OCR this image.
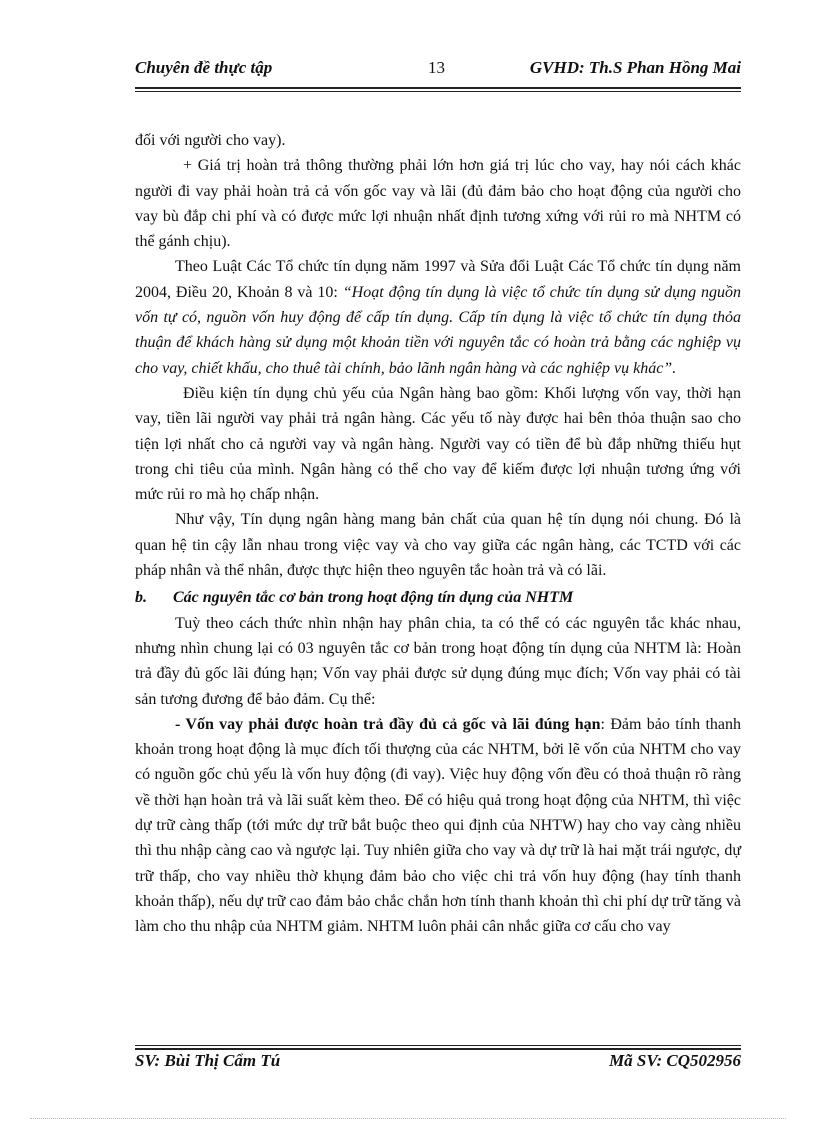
Chuyên đề thực tập	13	GVHD: Th.S Phan Hồng Mai

đối với người cho vay).

+ Giá trị hoàn trả thông thường phải lớn hơn giá trị lúc cho vay, hay nói cách khác người đi vay phải hoàn trả cả vốn gốc vay và lãi (đủ đảm bảo cho hoạt động của người cho vay bù đắp chi phí và có được mức lợi nhuận nhất định tương xứng với rủi ro mà NHTM có thể gánh chịu).

Theo Luật Các Tổ chức tín dụng năm 1997 và Sửa đổi Luật Các Tổ chức tín dụng năm 2004, Điều 20, Khoản 8 và 10: “Hoạt động tín dụng là việc tổ chức tín dụng sử dụng nguồn vốn tự có, nguồn vốn huy động để cấp tín dụng. Cấp tín dụng là việc tổ chức tín dụng thỏa thuận để khách hàng sử dụng một khoản tiền với nguyên tắc có hoàn trả bằng các nghiệp vụ cho vay, chiết khấu, cho thuê tài chính, bảo lãnh ngân hàng và các nghiệp vụ khác”.

Điều kiện tín dụng chủ yếu của Ngân hàng bao gồm: Khối lượng vốn vay, thời hạn vay, tiền lãi người vay phải trả ngân hàng. Các yếu tố này được hai bên thỏa thuận sao cho tiện lợi nhất cho cả người vay và ngân hàng. Người vay có tiền để bù đắp những thiếu hụt trong chi tiêu của mình. Ngân hàng có thể cho vay để kiếm được lợi nhuận tương ứng với mức rủi ro mà họ chấp nhận.

Như vậy, Tín dụng ngân hàng mang bản chất của quan hệ tín dụng nói chung. Đó là quan hệ tin cậy lẫn nhau trong việc vay và cho vay giữa các ngân hàng, các TCTD với các pháp nhân và thể nhân, được thực hiện theo nguyên tắc hoàn trả và có lãi.

b.	Các nguyên tắc cơ bản trong hoạt động tín dụng của NHTM

Tuỳ theo cách thức nhìn nhận hay phân chia, ta có thể có các nguyên tắc khác nhau, nhưng nhìn chung lại có 03 nguyên tắc cơ bản trong hoạt động tín dụng của NHTM là: Hoàn trả đầy đủ gốc lãi đúng hạn; Vốn vay phải được sử dụng đúng mục đích; Vốn vay phải có tài sản tương đương để bảo đảm. Cụ thể:

- Vốn vay phải được hoàn trả đầy đủ cả gốc và lãi đúng hạn: Đảm bảo tính thanh khoản trong hoạt động là mục đích tối thượng của các NHTM, bởi lẽ vốn của NHTM cho vay có nguồn gốc chủ yếu là vốn huy động (đi vay). Việc huy động vốn đều có thoả thuận rõ ràng về thời hạn hoàn trả và lãi suất kèm theo. Để có hiệu quả trong hoạt động của NHTM, thì việc dự trữ càng thấp (tới mức dự trữ bắt buộc theo qui định của NHTW) hay cho vay càng nhiều thì thu nhập càng cao và ngược lại. Tuy nhiên giữa cho vay và dự trữ là hai mặt trái ngược, dự trữ thấp, cho vay nhiều thờ khụng đảm bảo cho việc chi trả vốn huy động (hay tính thanh khoản thấp), nếu dự trữ cao đảm bảo chắc chắn hơn tính thanh khoản thì chi phí dự trữ tăng và làm cho thu nhập của NHTM giảm. NHTM luôn phải cân nhắc giữa cơ cấu cho vay

SV: Bùi Thị Cẩm Tú	Mã SV: CQ502956
